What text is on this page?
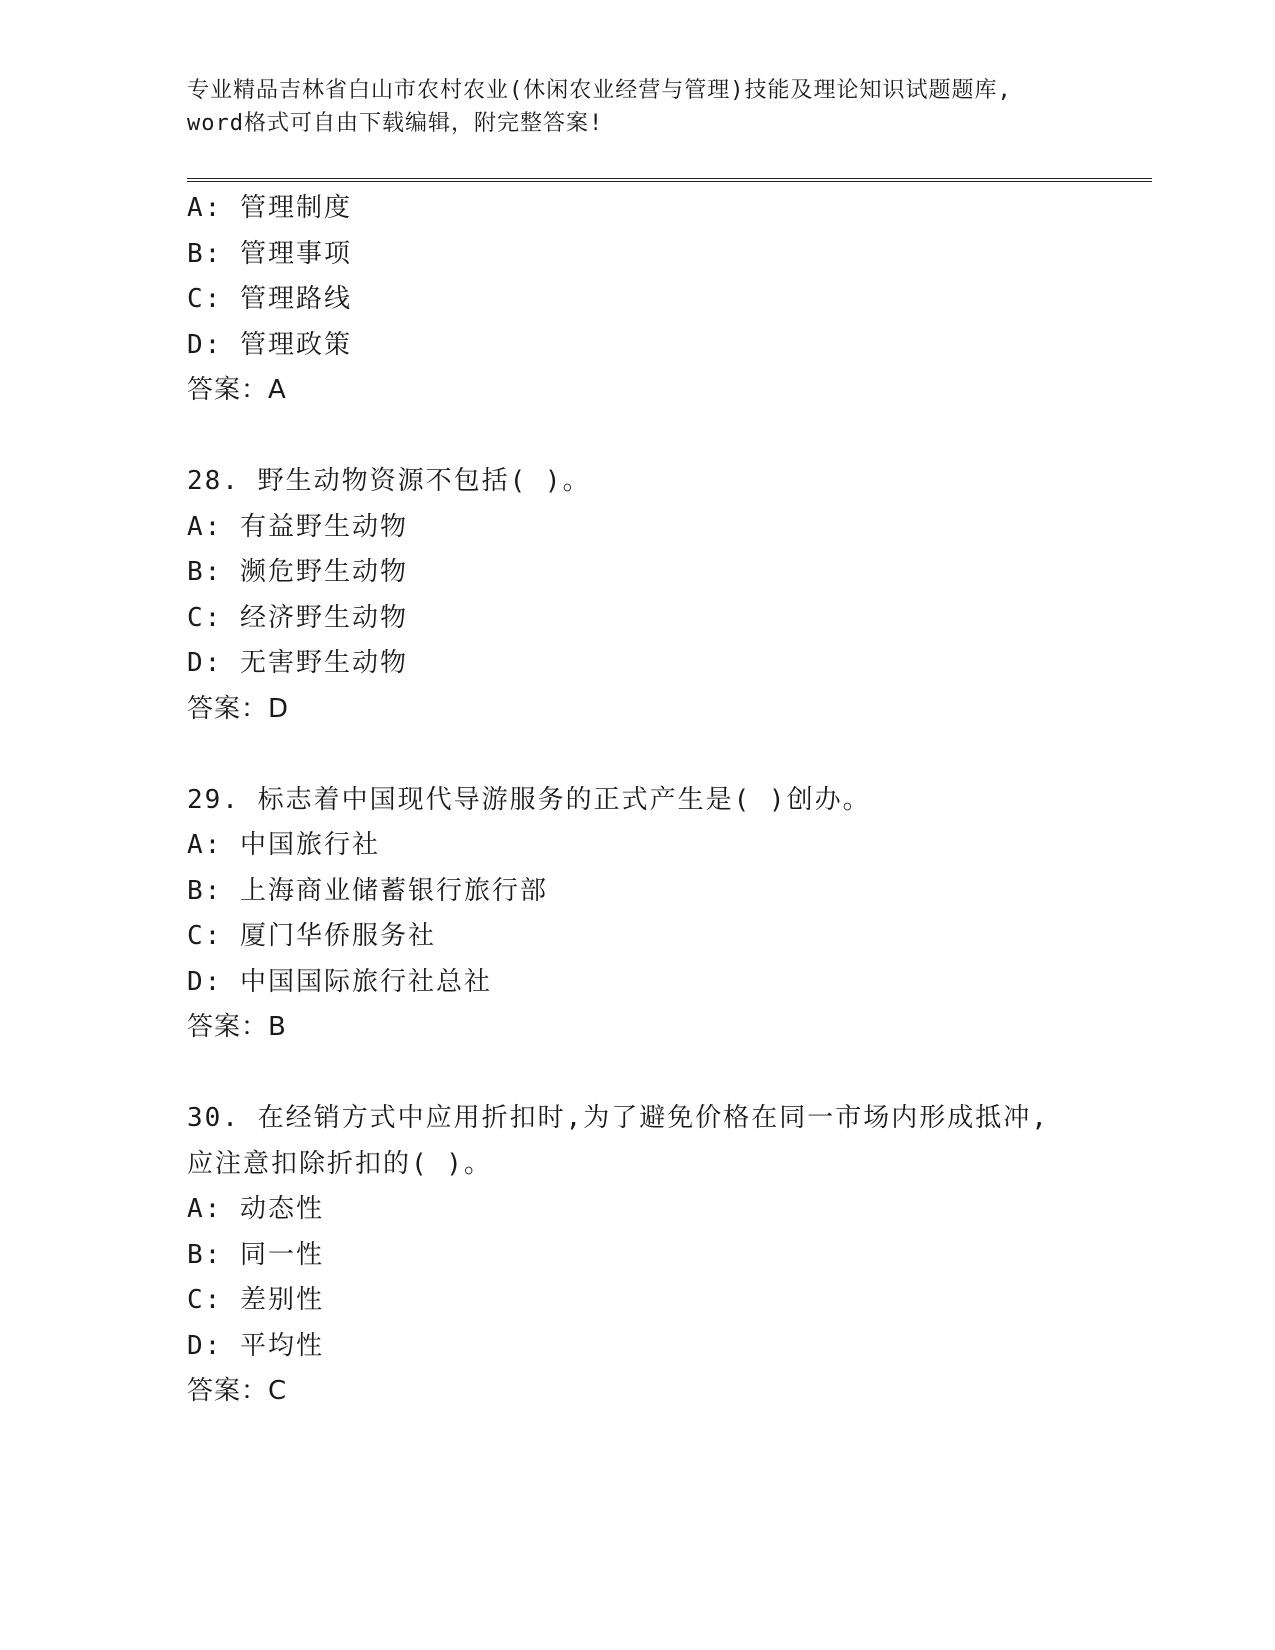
专业精品吉林省白山市农村农业(休闲农业经营与管理)技能及理论知识试题题库,
word格式可自由下载编辑，附完整答案!
A: 管理制度
B: 管理事项
C: 管理路线
D: 管理政策
答案：A
28. 野生动物资源不包括( )。
A: 有益野生动物
B: 濒危野生动物
C: 经济野生动物
D: 无害野生动物
答案：D
29. 标志着中国现代导游服务的正式产生是( )创办。
A: 中国旅行社
B: 上海商业储蓄银行旅行部
C: 厦门华侨服务社
D: 中国国际旅行社总社
答案：B
30. 在经销方式中应用折扣时,为了避免价格在同一市场内形成抵冲,
应注意扣除折扣的( )。
A: 动态性
B: 同一性
C: 差别性
D: 平均性
答案：C
